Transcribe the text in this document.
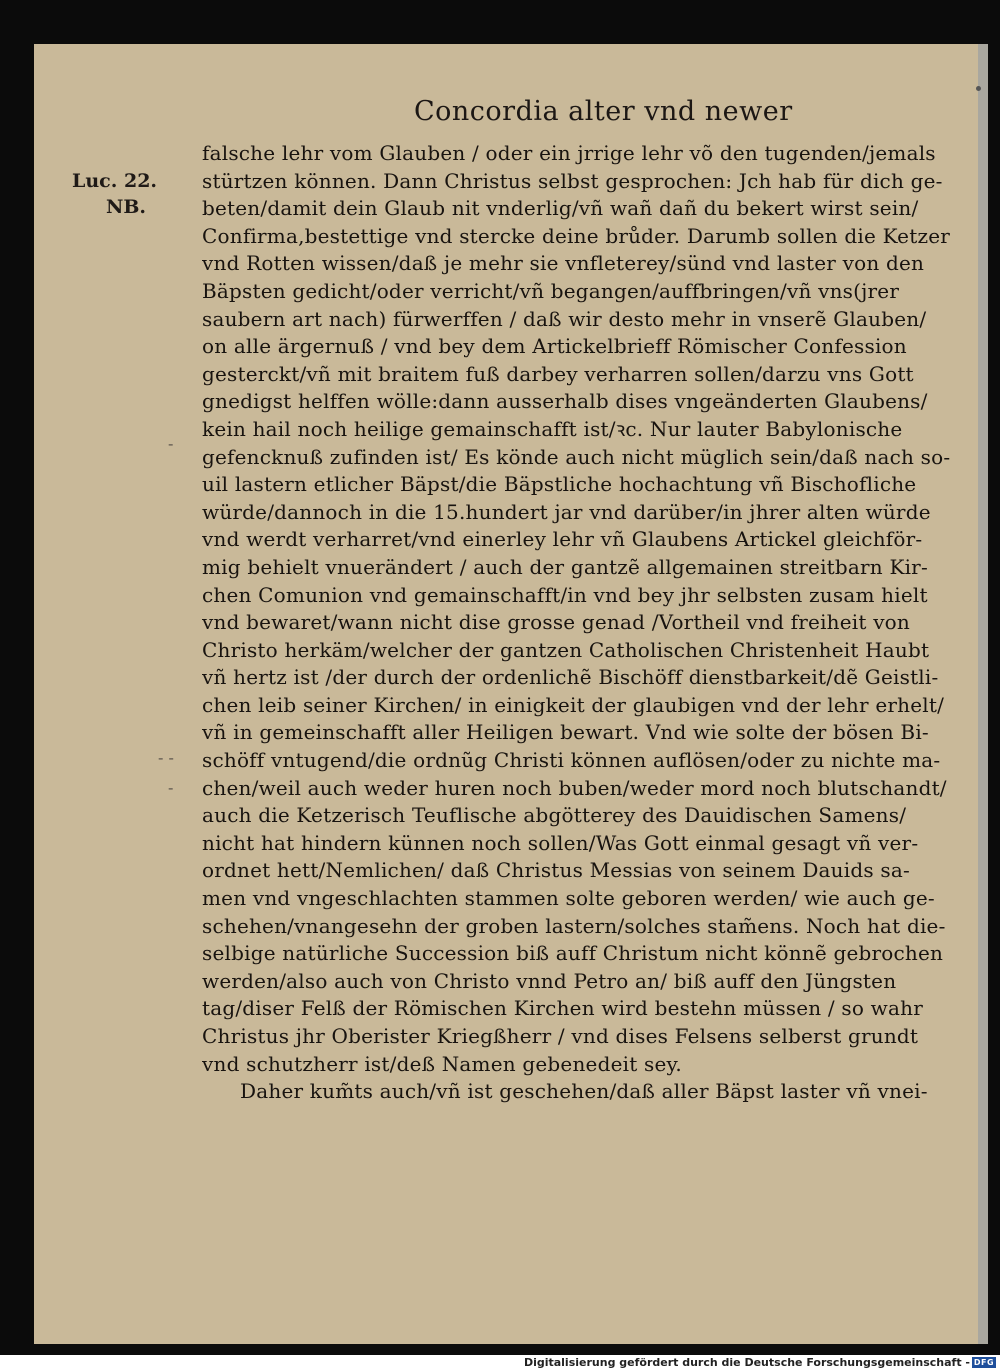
Concordia alter vnd newer
Luc. 22.
NB.
-
- -
-
falsche lehr vom Glauben / oder ein jrrige lehr võ den tugenden/jemals
stürtzen können. Dann Christus selbst gesprochen: Jch hab für dich ge-
beten/damit dein Glaub nit vnderlig/vñ wañ dañ du bekert wirst sein/
Confirma,bestettige vnd stercke deine brůder. Darumb sollen die Ketzer
vnd Rotten wissen/daß je mehr sie vnfleterey/sünd vnd laster von den
Bäpsten gedicht/oder verricht/vñ begangen/auffbringen/vñ vns(jrer
saubern art nach) fürwerffen / daß wir desto mehr in vnserẽ Glauben/
on alle ärgernuß / vnd bey dem Artickelbrieff Römischer Confession
gesterckt/vñ mit braitem fuß darbey verharren sollen/darzu vns Gott
gnedigst helffen wölle:dann ausserhalb dises vngeänderten Glaubens/
kein hail noch heilige gemainschafft ist/ꝛc. Nur lauter Babylonische
gefencknuß zufinden ist/ Es könde auch nicht müglich sein/daß nach so-
uil lastern etlicher Bäpst/die Bäpstliche hochachtung vñ Bischofliche
würde/dannoch in die 15.hundert jar vnd darüber/in jhrer alten würde
vnd werdt verharret/vnd einerley lehr vñ Glaubens Artickel gleichför-
mig behielt vnuerändert / auch der gantzẽ allgemainen streitbarn Kir-
chen Comunion vnd gemainschafft/in vnd bey jhr selbsten zusam hielt
vnd bewaret/wann nicht dise grosse genad /Vortheil vnd freiheit von
Christo herkäm/welcher der gantzen Catholischen Christenheit Haubt
vñ hertz ist /der durch der ordenlichẽ Bischöff dienstbarkeit/dẽ Geistli-
chen leib seiner Kirchen/ in einigkeit der glaubigen vnd der lehr erhelt/
vñ in gemeinschafft aller Heiligen bewart. Vnd wie solte der bösen Bi-
schöff vntugend/die ordnũg Christi können auflösen/oder zu nichte ma-
chen/weil auch weder huren noch buben/weder mord noch blutschandt/
auch die Ketzerisch Teuflische abgötterey des Dauidischen Samens/
nicht hat hindern künnen noch sollen/Was Gott einmal gesagt vñ ver-
ordnet hett/Nemlichen/ daß Christus Messias von seinem Dauids sa-
men vnd vngeschlachten stammen solte geboren werden/ wie auch ge-
schehen/vnangesehn der groben lastern/solches stam̃ens. Noch hat die-
selbige natürliche Succession biß auff Christum nicht könnẽ gebrochen
werden/also auch von Christo vnnd Petro an/ biß auff den Jüngsten
tag/diser Felß der Römischen Kirchen wird bestehn müssen / so wahr
Christus jhr Oberister Kriegßherr / vnd dises Felsens selberst grundt
vnd schutzherr ist/deß Namen gebenedeit sey.
Daher kum̃ts auch/vñ ist geschehen/daß aller Bäpst laster vñ vnei-
Digitalisierung gefördert durch die Deutsche Forschungsgemeinschaft - DFG
